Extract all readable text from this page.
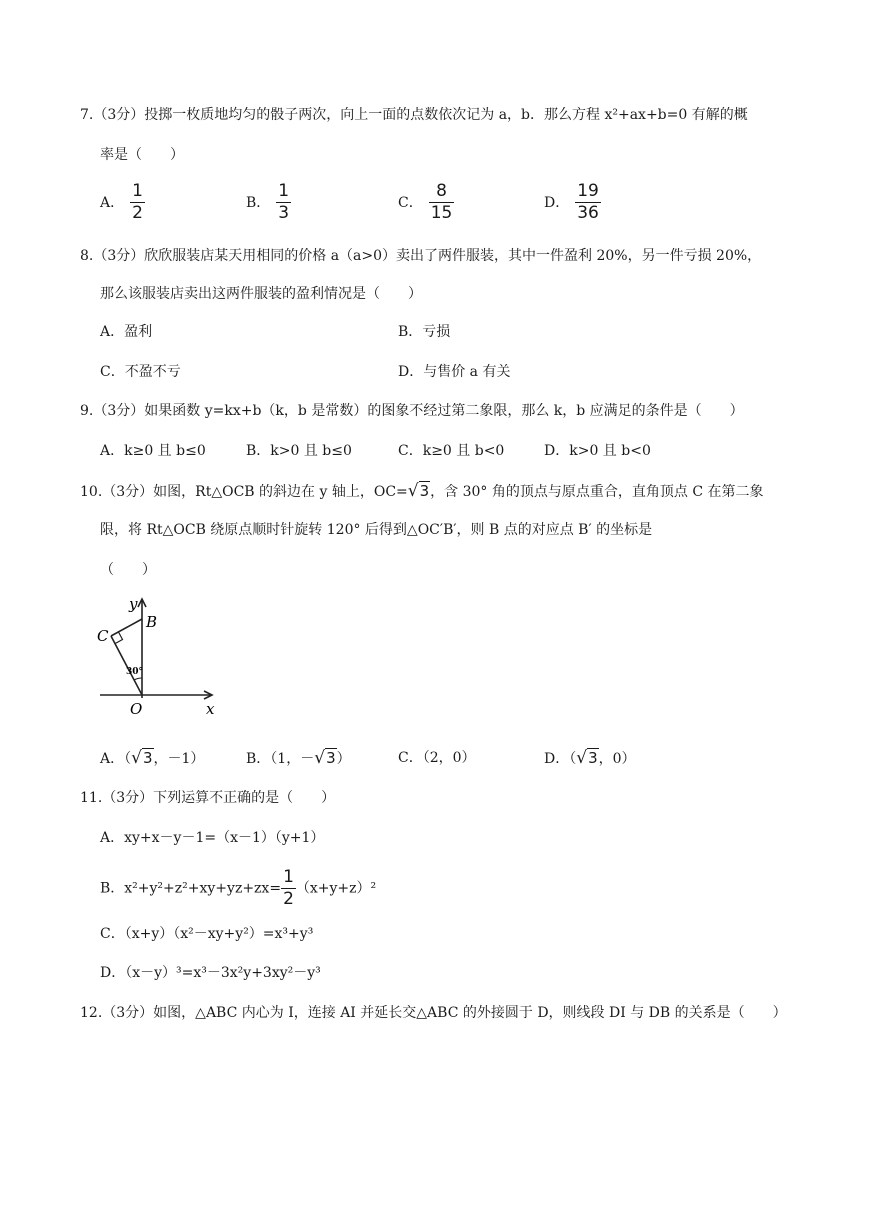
7.（3分）投掷一枚质地均匀的骰子两次，向上一面的点数依次记为 a，b．那么方程 x²+ax+b=0 有解的概
率是（　　）
A． $\frac{1}{2}$	B． $\frac{1}{3}$	C． $\frac{8}{15}$	D． $\frac{19}{36}$
8.（3分）欣欣服装店某天用相同的价格 a（a>0）卖出了两件服装，其中一件盈利 20%，另一件亏损 20%，
那么该服装店卖出这两件服装的盈利情况是（　　）
A．盈利	B．亏损
C．不盈不亏	D．与售价 a 有关
9.（3分）如果函数 y=kx+b（k，b 是常数）的图象不经过第二象限，那么 k，b 应满足的条件是（　　）
A．k≥0 且 b≤0	B．k>0 且 b≤0	C．k≥0 且 b<0	D．k>0 且 b<0
10.（3分）如图，Rt△OCB 的斜边在 y 轴上，OC=√3，含 30° 角的顶点与原点重合，直角顶点 C 在第二象
限，将 Rt△OCB 绕原点顺时针旋转 120° 后得到△OC′B′，则 B 点的对应点 B′ 的坐标是
（　　）
30°
y
x
O
B
C
A．（√3，－1）	B．（1，－√3）	C．（2，0）	D．（√3，0）
11.（3分）下列运算不正确的是（　　）
A．xy+x－y－1=（x－1）（y+1）
B．$x^2+y^2+z^2+xy+yz+zx= \frac{1}{2} (x+y+z)^2$
C．（x+y）（x²－xy+y²）=x³+y³
D．（x－y）³=x³－3x²y+3xy²－y³
12.（3分）如图，△ABC 内心为 I，连接 AI 并延长交△ABC 的外接圆于 D，则线段 DI 与 DB 的关系是（　　）
